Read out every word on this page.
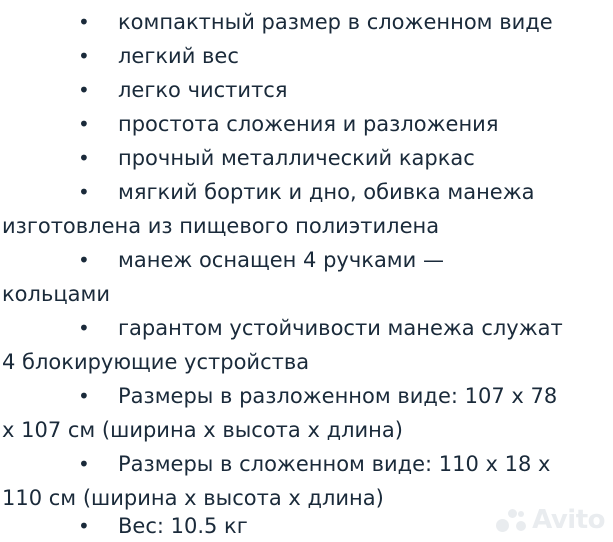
• компактный размер в сложенном виде
• легкий вес
• легко чистится
• простота сложения и разложения
• прочный металлический каркас
• мягкий бортик и дно, обивка манежа
изготовлена из пищевого полиэтилена
• манеж оснащен 4 ручками —
кольцами
• гарантом устойчивости манежа служат
4 блокирующие устройства
• Размеры в разложенном виде: 107 x 78
x 107 см (ширина x высота x длина)
• Размеры в сложенном виде: 110 x 18 x
110 см (ширина x высота x длина)
• Вес: 10.5 кг	Avito
